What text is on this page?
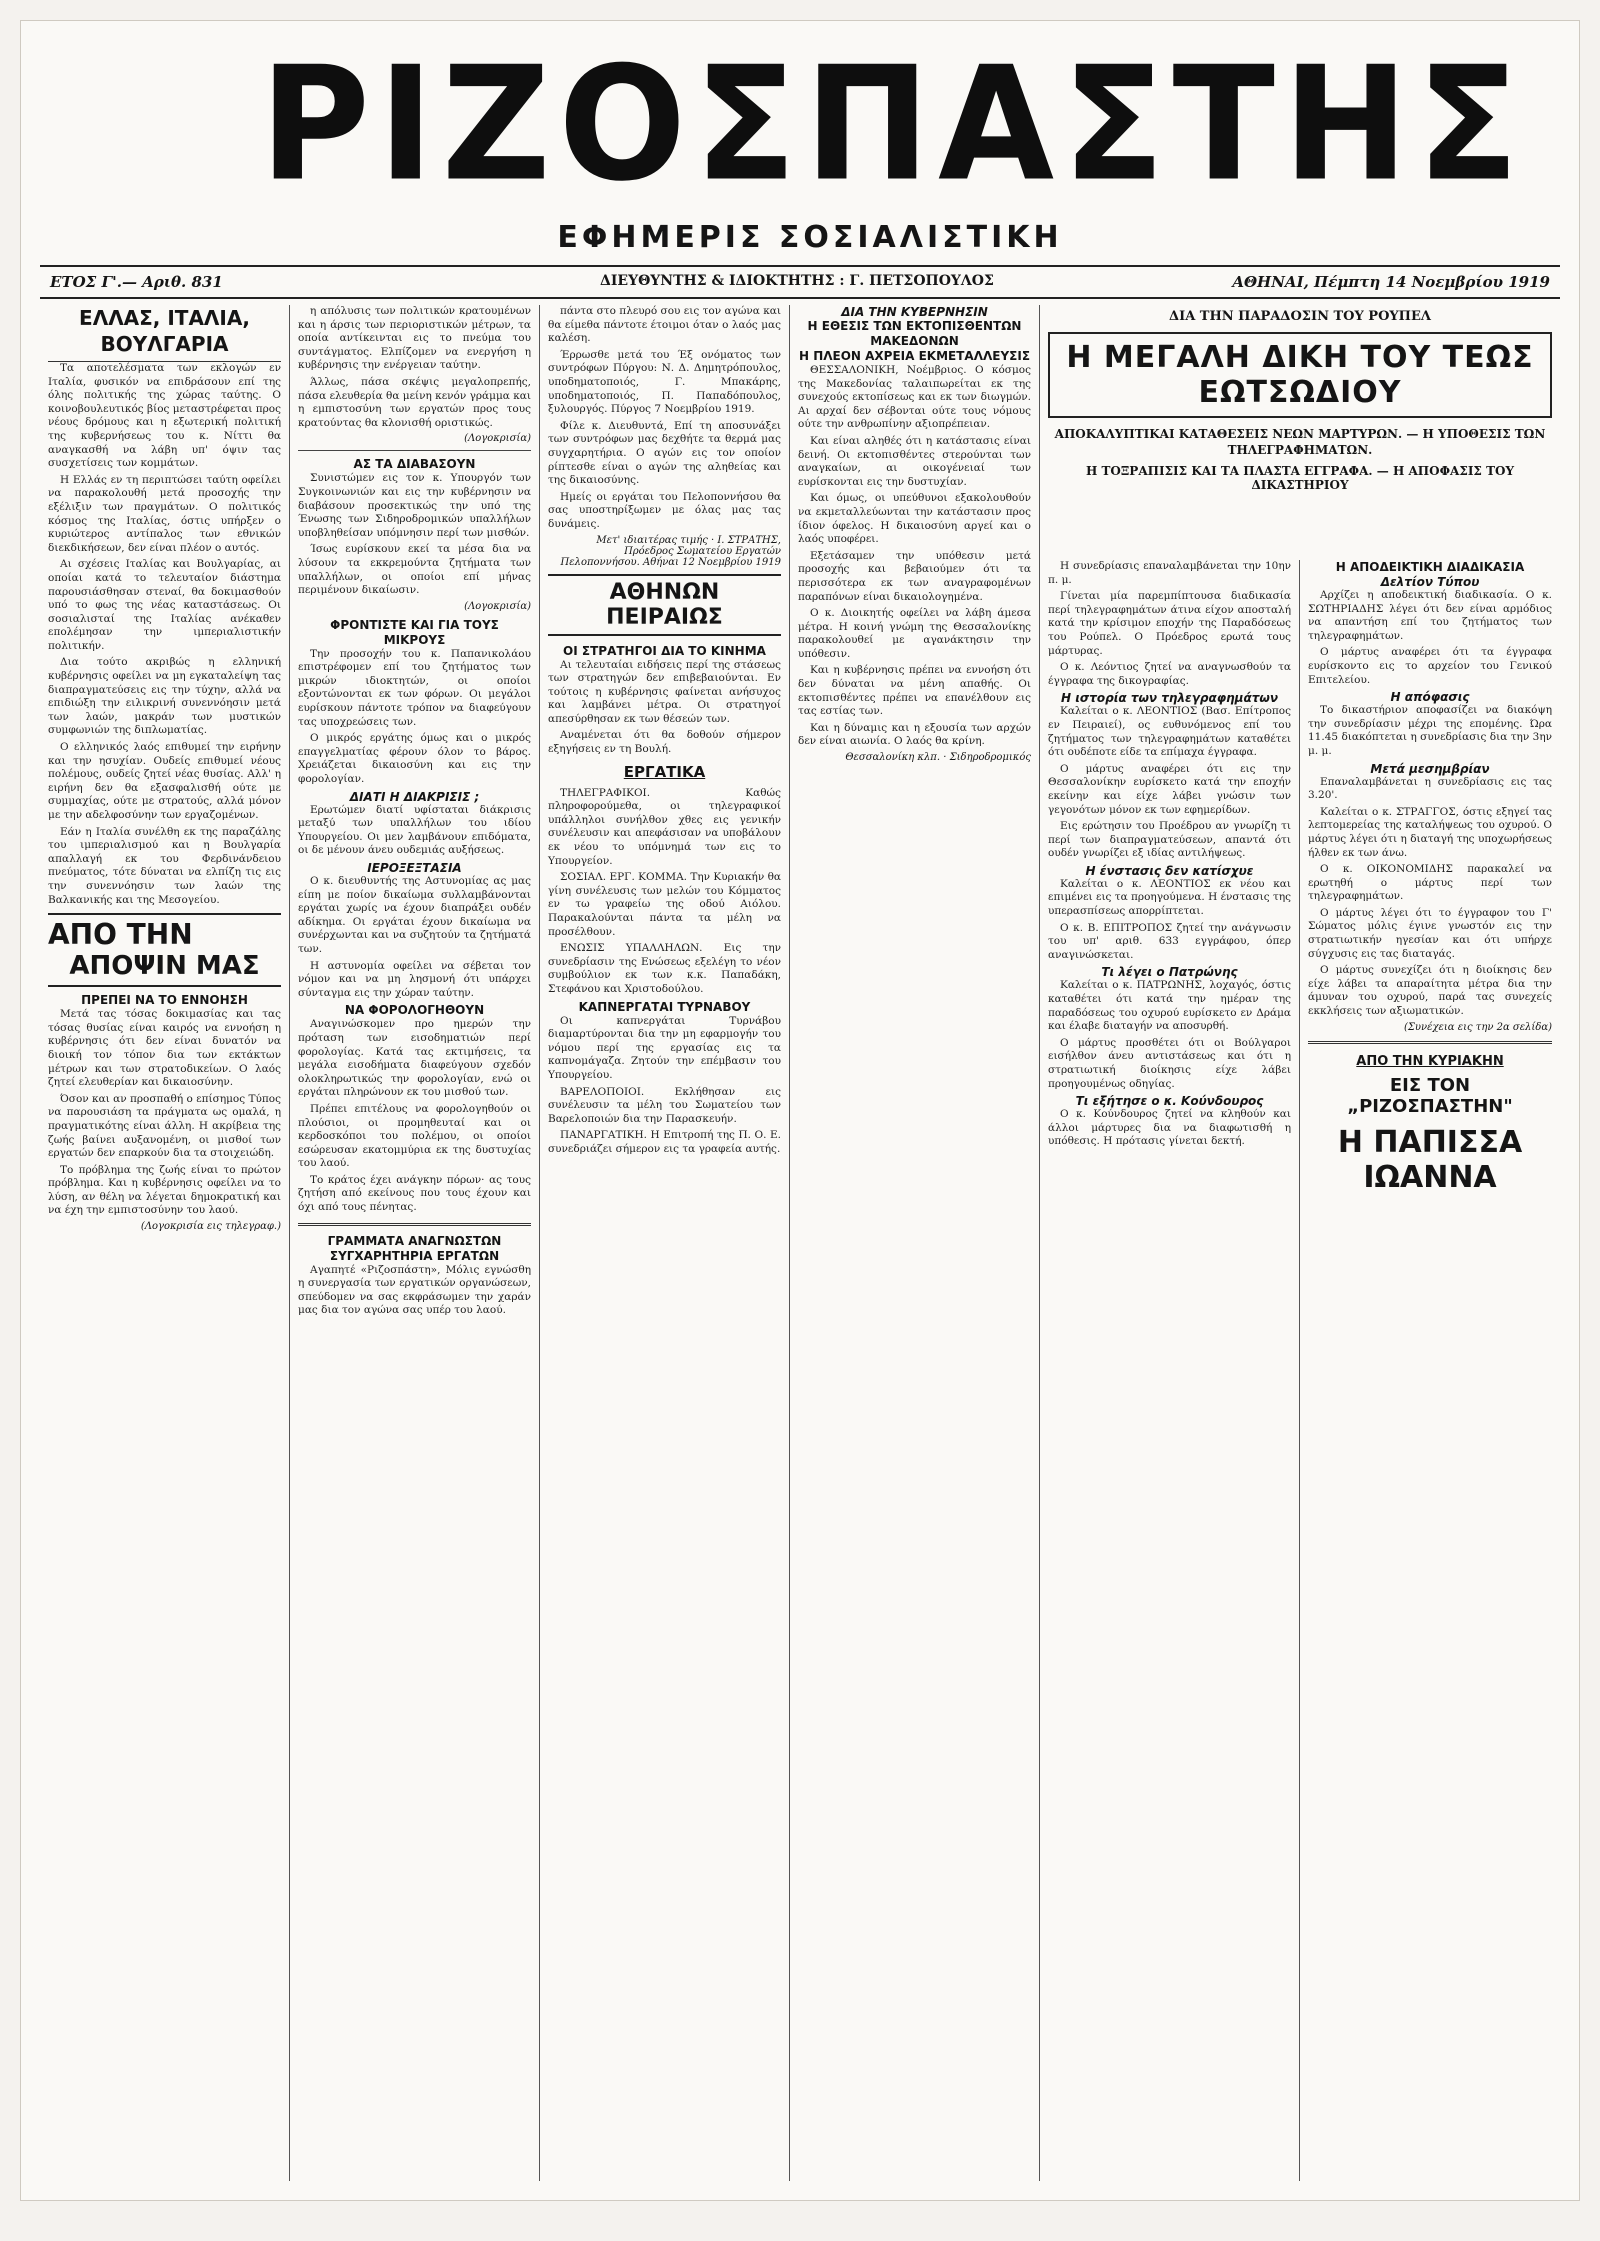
ΡΙΖΟΣΠΑΣΤΗΣ
ΕΦΗΜΕΡΙΣ ΣΟΣΙΑΛΙΣΤΙΚΗ
ΕΤΟΣ Γ'.— Αριθ. 831	ΔΙΕΥΘΥΝΤΗΣ & ΙΔΙΟΚΤΗΤΗΣ : Γ. ΠΕΤΣΟΠΟΥΛΟΣ	ΑΘΗΝΑΙ, Πέμπτη 14 Νοεμβρίου 1919
ΕΛΛΑΣ, ΙΤΑΛΙΑ, ΒΟΥΛΓΑΡΙΑ

Τα αποτελέσματα των εκλογών εν Ιταλία, φυσικόν να επιδράσουν επί της όλης πολιτικής της χώρας ταύτης. Ο κοινοβουλευτικός βίος μεταστρέφεται προς νέους δρόμους και η εξωτερική πολιτική της κυβερνήσεως του κ. Νίττι θα αναγκασθή να λάβη υπ' όψιν τας συσχετίσεις των κομμάτων.

Η Ελλάς εν τη περιπτώσει ταύτη οφείλει να παρακολουθή μετά προσοχής την εξέλιξιν των πραγμάτων. Ο πολιτικός κόσμος της Ιταλίας, όστις υπήρξεν ο κυριώτερος αντίπαλος των εθνικών διεκδικήσεων, δεν είναι πλέον ο αυτός.

Αι σχέσεις Ιταλίας και Βουλγαρίας, αι οποίαι κατά το τελευταίον διάστημα παρουσιάσθησαν στεναί, θα δοκιμασθούν υπό το φως της νέας καταστάσεως. Οι σοσιαλισταί της Ιταλίας ανέκαθεν επολέμησαν την ιμπεριαλιστικήν πολιτικήν.

Δια τούτο ακριβώς η ελληνική κυβέρνησις οφείλει να μη εγκαταλείψη τας διαπραγματεύσεις εις την τύχην, αλλά να επιδιώξη την ειλικρινή συνεννόησιν μετά των λαών, μακράν των μυστικών συμφωνιών της διπλωματίας.

Ο ελληνικός λαός επιθυμεί την ειρήνην και την ησυχίαν. Ουδείς επιθυμεί νέους πολέμους, ουδείς ζητεί νέας θυσίας. Αλλ' η ειρήνη δεν θα εξασφαλισθή ούτε με συμμαχίας, ούτε με στρατούς, αλλά μόνον με την αδελφοσύνην των εργαζομένων.

Εάν η Ιταλία συνέλθη εκ της παραζάλης του ιμπεριαλισμού και η Βουλγαρία απαλλαγή εκ του Φερδινάνδειου πνεύματος, τότε δύναται να ελπίζη τις εις την συνεννόησιν των λαών της Βαλκανικής και της Μεσογείου.

ΑΠΟ ΤΗΝ
ΑΠΟΨΙΝ ΜΑΣ
ΠΡΕΠΕΙ ΝΑ ΤΟ ΕΝΝΟΗΣΗ

Μετά τας τόσας δοκιμασίας και τας τόσας θυσίας είναι καιρός να εννοήση η κυβέρνησις ότι δεν είναι δυνατόν να διοική τον τόπον δια των εκτάκτων μέτρων και των στρατοδικείων. Ο λαός ζητεί ελευθερίαν και δικαιοσύνην.

Όσον και αν προσπαθή ο επίσημος Τύπος να παρουσιάση τα πράγματα ως ομαλά, η πραγματικότης είναι άλλη. Η ακρίβεια της ζωής βαίνει αυξανομένη, οι μισθοί των εργατών δεν επαρκούν δια τα στοιχειώδη.

Το πρόβλημα της ζωής είναι το πρώτον πρόβλημα. Και η κυβέρνησις οφείλει να το λύση, αν θέλη να λέγεται δημοκρατική και να έχη την εμπιστοσύνην του λαού.

(Λογοκρισία εις τηλεγραφ.)

η απόλυσις των πολιτικών κρατουμένων και η άρσις των περιοριστικών μέτρων, τα οποία αντίκεινται εις το πνεύμα του συντάγματος. Ελπίζομεν να ενεργήση η κυβέρνησις την ενέργειαν ταύτην.

Άλλως, πάσα σκέψις μεγαλοπρεπής, πάσα ελευθερία θα μείνη κενόν γράμμα και η εμπιστοσύνη των εργατών προς τους κρατούντας θα κλονισθή οριστικώς.

(Λογοκρισία)
ΑΣ ΤΑ ΔΙΑΒΑΣΟΥΝ

Συνιστώμεν εις τον κ. Υπουργόν των Συγκοινωνιών και εις την κυβέρνησιν να διαβάσουν προσεκτικώς την υπό της Ένωσης των Σιδηροδρομικών υπαλλήλων υποβληθείσαν υπόμνησιν περί των μισθών.

Ίσως ευρίσκουν εκεί τα μέσα δια να λύσουν τα εκκρεμούντα ζητήματα των υπαλλήλων, οι οποίοι επί μήνας περιμένουν δικαίωσιν.

(Λογοκρισία)
ΦΡΟΝΤΙΣΤΕ ΚΑΙ ΓΙΑ ΤΟΥΣ ΜΙΚΡΟΥΣ

Την προσοχήν του κ. Παπανικολάου επιστρέφομεν επί του ζητήματος των μικρών ιδιοκτητών, οι οποίοι εξοντώνονται εκ των φόρων. Οι μεγάλοι ευρίσκουν πάντοτε τρόπον να διαφεύγουν τας υποχρεώσεις των.

Ο μικρός εργάτης όμως και ο μικρός επαγγελματίας φέρουν όλον το βάρος. Χρειάζεται δικαιοσύνη και εις την φορολογίαν.

ΔΙΑΤΙ Η ΔΙΑΚΡΙΣΙΣ ;

Ερωτώμεν διατί υφίσταται διάκρισις μεταξύ των υπαλλήλων του ιδίου Υπουργείου. Οι μεν λαμβάνουν επιδόματα, οι δε μένουν άνευ ουδεμιάς αυξήσεως.

ΙΕΡΟΞΕΞΤΑΣΙΑ

Ο κ. διευθυντής της Αστυνομίας ας μας είπη με ποίον δικαίωμα συλλαμβάνονται εργάται χωρίς να έχουν διαπράξει ουδέν αδίκημα. Οι εργάται έχουν δικαίωμα να συνέρχωνται και να συζητούν τα ζητήματά των.

Η αστυνομία οφείλει να σέβεται τον νόμον και να μη λησμονή ότι υπάρχει σύνταγμα εις την χώραν ταύτην.

ΝΑ ΦΟΡΟΛΟΓΗΘΟΥΝ

Αναγινώσκομεν προ ημερών την πρόταση των εισοδηματιών περί φορολογίας. Κατά τας εκτιμήσεις, τα μεγάλα εισοδήματα διαφεύγουν σχεδόν ολοκληρωτικώς την φορολογίαν, ενώ οι εργάται πληρώνουν εκ του μισθού των.

Πρέπει επιτέλους να φορολογηθούν οι πλούσιοι, οι προμηθευταί και οι κερδοσκόποι του πολέμου, οι οποίοι εσώρευσαν εκατομμύρια εκ της δυστυχίας του λαού.

Το κράτος έχει ανάγκην πόρων· ας τους ζητήση από εκείνους που τους έχουν και όχι από τους πένητας.

ΓΡΑΜΜΑΤΑ ΑΝΑΓΝΩΣΤΩΝ
ΣΥΓΧΑΡΗΤΗΡΙΑ ΕΡΓΑΤΩΝ

Αγαπητέ «Ριζοσπάστη», Μόλις εγνώσθη η συνεργασία των εργατικών οργανώσεων, σπεύδομεν να σας εκφράσωμεν την χαράν μας δια τον αγώνα σας υπέρ του λαού.

πάντα στο πλευρό σου εις τον αγώνα και θα είμεθα πάντοτε έτοιμοι όταν ο λαός μας καλέση.

Έρρωσθε μετά του Έξ ονόματος των συντρόφων Πύργου: Ν. Δ. Δημητρόπουλος, υποδηματοποιός, Γ. Μπακάρης, υποδηματοποιός, Π. Παπαδόπουλος, ξυλουργός. Πύργος 7 Νοεμβρίου 1919.

Φίλε κ. Διευθυντά, Επί τη αποσυνάξει των συντρόφων μας δεχθήτε τα θερμά μας συγχαρητήρια. Ο αγών εις τον οποίον ρίπτεσθε είναι ο αγών της αληθείας και της δικαιοσύνης.

Ημείς οι εργάται του Πελοποννήσου θα σας υποστηρίξωμεν με όλας μας τας δυνάμεις.

Μετ' ιδιαιτέρας τιμής · Ι. ΣΤΡΑΤΗΣ, Πρόεδρος Σωματείου Εργατών Πελοποννήσου. Αθήναι 12 Νοεμβρίου 1919
ΑΘΗΝΩΝ ΠΕΙΡΑΙΩΣ
ΟΙ ΣΤΡΑΤΗΓΟΙ ΔΙΑ ΤΟ ΚΙΝΗΜΑ

Αι τελευταίαι ειδήσεις περί της στάσεως των στρατηγών δεν επιβεβαιούνται. Εν τούτοις η κυβέρνησις φαίνεται ανήσυχος και λαμβάνει μέτρα. Οι στρατηγοί απεσύρθησαν εκ των θέσεών των.

Αναμένεται ότι θα δοθούν σήμερον εξηγήσεις εν τη Βουλή.

ΕΡΓΑΤΙΚΑ

ΤΗΛΕΓΡΑΦΙΚΟΙ. Καθώς πληροφορούμεθα, οι τηλεγραφικοί υπάλληλοι συνήλθον χθες εις γενικήν συνέλευσιν και απεφάσισαν να υποβάλουν εκ νέου το υπόμνημά των εις το Υπουργείον.

ΣΟΣΙΑΛ. ΕΡΓ. ΚΟΜΜΑ. Την Κυριακήν θα γίνη συνέλευσις των μελών του Κόμματος εν τω γραφείω της οδού Αιόλου. Παρακαλούνται πάντα τα μέλη να προσέλθουν.

ΕΝΩΣΙΣ ΥΠΑΛΛΗΛΩΝ. Εις την συνεδρίασιν της Ενώσεως εξελέγη το νέον συμβούλιον εκ των κ.κ. Παπαδάκη, Στεφάνου και Χριστοδούλου.

ΚΑΠΝΕΡΓΑΤΑΙ ΤΥΡΝΑΒΟΥ

Οι καπνεργάται Τυρνάβου διαμαρτύρονται δια την μη εφαρμογήν του νόμου περί της εργασίας εις τα καπνομάγαζα. Ζητούν την επέμβασιν του Υπουργείου.

ΒΑΡΕΛΟΠΟΙΟΙ. Εκλήθησαν εις συνέλευσιν τα μέλη του Σωματείου των Βαρελοποιών δια την Παρασκευήν.

ΠΑΝΑΡΓΑΤΙΚΗ. Η Επιτροπή της Π. Ο. Ε. συνεδριάζει σήμερον εις τα γραφεία αυτής.

ΔΙΑ ΤΗΝ ΚΥΒΕΡΝΗΣΙΝ
Η ΕΘΕΣΙΣ ΤΩΝ ΕΚΤΟΠΙΣΘΕΝΤΩΝ ΜΑΚΕΔΟΝΩΝ
Η ΠΛΕΟΝ ΑΧΡΕΙΑ ΕΚΜΕΤΑΛΛΕΥΣΙΣ

ΘΕΣΣΑΛΟΝΙΚΗ, Νοέμβριος. Ο κόσμος της Μακεδονίας ταλαιπωρείται εκ της συνεχούς εκτοπίσεως και εκ των διωγμών. Αι αρχαί δεν σέβονται ούτε τους νόμους ούτε την ανθρωπίνην αξιοπρέπειαν.

Και είναι αληθές ότι η κατάστασις είναι δεινή. Οι εκτοπισθέντες στερούνται των αναγκαίων, αι οικογένειαί των ευρίσκονται εις την δυστυχίαν.

Και όμως, οι υπεύθυνοι εξακολουθούν να εκμεταλλεύωνται την κατάστασιν προς ίδιον όφελος. Η δικαιοσύνη αργεί και ο λαός υποφέρει.

Εξετάσαμεν την υπόθεσιν μετά προσοχής και βεβαιούμεν ότι τα περισσότερα εκ των αναγραφομένων παραπόνων είναι δικαιολογημένα.

Ο κ. Διοικητής οφείλει να λάβη άμεσα μέτρα. Η κοινή γνώμη της Θεσσαλονίκης παρακολουθεί με αγανάκτησιν την υπόθεσιν.

Και η κυβέρνησις πρέπει να εννοήση ότι δεν δύναται να μένη απαθής. Οι εκτοπισθέντες πρέπει να επανέλθουν εις τας εστίας των.

Και η δύναμις και η εξουσία των αρχών δεν είναι αιωνία. Ο λαός θα κρίνη.

Θεσσαλονίκη κλπ. · Σιδηροδρομικός
ΔΙΑ ΤΗΝ ΠΑΡΑΔΟΣΙΝ ΤΟΥ ΡΟΥΠΕΛ
Η ΜΕΓΑΛΗ ΔΙΚΗ ΤΟΥ ΤΕΩΣ ΕΩΤΣΩΔΙΟΥ
ΑΠΟΚΑΛΥΠΤΙΚΑΙ ΚΑΤΑΘΕΣΕΙΣ ΝΕΩΝ ΜΑΡΤΥΡΩΝ. — Η ΥΠΟΘΕΣΙΣ ΤΩΝ ΤΗΛΕΓΡΑΦΗΜΑΤΩΝ.
Η ΤΟΞΡΑΠΙΣΙΣ ΚΑΙ ΤΑ ΠΛΑΣΤΑ ΕΓΓΡΑΦΑ. — Η ΑΠΟΦΑΣΙΣ ΤΟΥ ΔΙΚΑΣΤΗΡΙΟΥ

Η συνεδρίασις επαναλαμβάνεται την 10ην π. μ.

Γίνεται μία παρεμπίπτουσα διαδικασία περί τηλεγραφημάτων άτινα είχον αποσταλή κατά την κρίσιμον εποχήν της Παραδόσεως του Ρούπελ. Ο Πρόεδρος ερωτά τους μάρτυρας.

Ο κ. Λεόντιος ζητεί να αναγνωσθούν τα έγγραφα της δικογραφίας.

Η ιστορία των τηλεγραφημάτων

Καλείται ο κ. ΛΕΟΝΤΙΟΣ (Βασ. Επίτροπος εν Πειραιεί), ος ευθυνόμενος επί του ζητήματος των τηλεγραφημάτων καταθέτει ότι ουδέποτε είδε τα επίμαχα έγγραφα.

Ο μάρτυς αναφέρει ότι εις την Θεσσαλονίκην ευρίσκετο κατά την εποχήν εκείνην και είχε λάβει γνώσιν των γεγονότων μόνον εκ των εφημερίδων.

Εις ερώτησιν του Προέδρου αν γνωρίζη τι περί των διαπραγματεύσεων, απαντά ότι ουδέν γνωρίζει εξ ιδίας αντιλήψεως.

Η ένστασις δεν κατίσχυε

Καλείται ο κ. ΛΕΟΝΤΙΟΣ εκ νέου και επιμένει εις τα προηγούμενα. Η ένστασις της υπερασπίσεως απορρίπτεται.

Ο κ. Β. ΕΠΙΤΡΟΠΟΣ ζητεί την ανάγνωσιν του υπ' αριθ. 633 εγγράφου, όπερ αναγινώσκεται.

Τι λέγει ο Πατρώνης

Καλείται ο κ. ΠΑΤΡΩΝΗΣ, λοχαγός, όστις καταθέτει ότι κατά την ημέραν της παραδόσεως του οχυρού ευρίσκετο εν Δράμα και έλαβε διαταγήν να αποσυρθή.

Ο μάρτυς προσθέτει ότι οι Βούλγαροι εισήλθον άνευ αντιστάσεως και ότι η στρατιωτική διοίκησις είχε λάβει προηγουμένως οδηγίας.

Τι εξήτησε ο κ. Κούνδουρος

Ο κ. Κούνδουρος ζητεί να κληθούν και άλλοι μάρτυρες δια να διαφωτισθή η υπόθεσις. Η πρότασις γίνεται δεκτή.

Η ΑΠΟΔΕΙΚΤΙΚΗ ΔΙΑΔΙΚΑΣΙΑ
Δελτίον Τύπου

Αρχίζει η αποδεικτική διαδικασία. Ο κ. ΣΩΤΗΡΙΑΔΗΣ λέγει ότι δεν είναι αρμόδιος να απαντήση επί του ζητήματος των τηλεγραφημάτων.

Ο μάρτυς αναφέρει ότι τα έγγραφα ευρίσκοντο εις το αρχείον του Γενικού Επιτελείου.

Η απόφασις

Το δικαστήριον αποφασίζει να διακόψη την συνεδρίασιν μέχρι της επομένης. Ώρα 11.45 διακόπτεται η συνεδρίασις δια την 3ην μ. μ.

Μετά μεσημβρίαν

Επαναλαμβάνεται η συνεδρίασις εις τας 3.20'.

Καλείται ο κ. ΣΤΡΑΓΓΟΣ, όστις εξηγεί τας λεπτομερείας της καταλήψεως του οχυρού. Ο μάρτυς λέγει ότι η διαταγή της υποχωρήσεως ήλθεν εκ των άνω.

Ο κ. ΟΙΚΟΝΟΜΙΔΗΣ παρακαλεί να ερωτηθή ο μάρτυς περί των τηλεγραφημάτων.

Ο μάρτυς λέγει ότι το έγγραφον του Γ' Σώματος μόλις έγινε γνωστόν εις την στρατιωτικήν ηγεσίαν και ότι υπήρχε σύγχυσις εις τας διαταγάς.

Ο μάρτυς συνεχίζει ότι η διοίκησις δεν είχε λάβει τα απαραίτητα μέτρα δια την άμυναν του οχυρού, παρά τας συνεχείς εκκλήσεις των αξιωματικών.

(Συνέχεια εις την 2α σελίδα)
ΑΠΟ ΤΗΝ ΚΥΡΙΑΚΗΝ
ΕΙΣ ΤΟΝ „ΡΙΖΟΣΠΑΣΤΗΝ"
Η ΠΑΠΙΣΣΑ ΙΩΑΝΝΑ
